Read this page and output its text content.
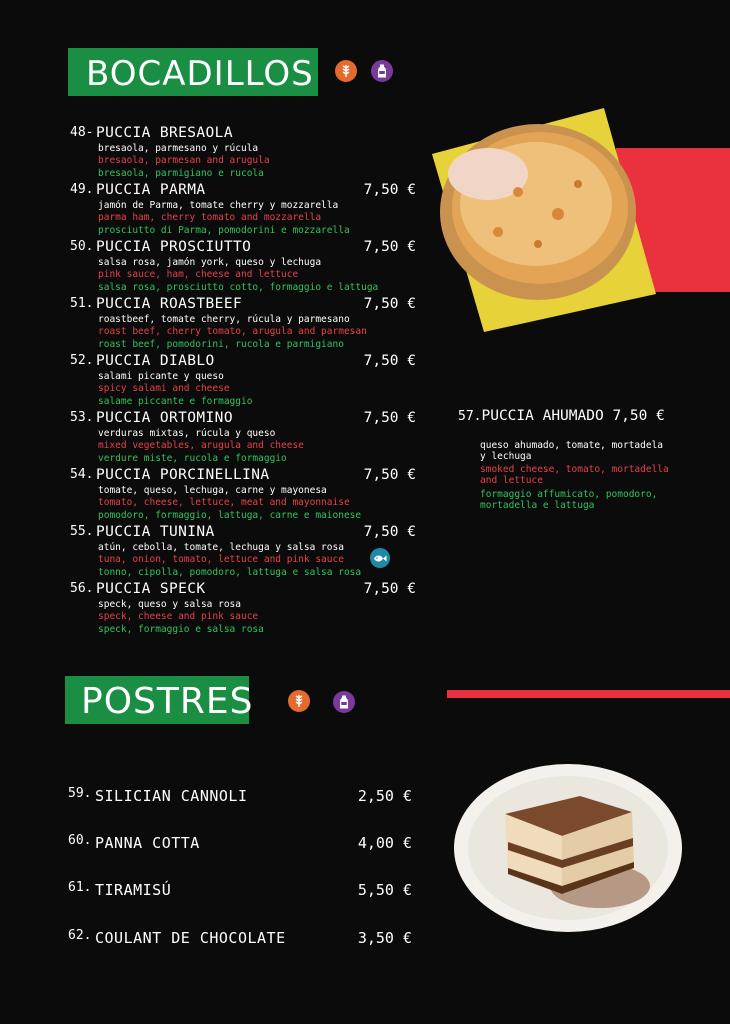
BOCADILLOS
48- PUCCIA BRESAOLA
bresaola, parmesano y rúcula
bresaola, parmesan and arugula
bresaola, parmigiano e rucola
49. PUCCIA PARMA	7,50 €
jamón de Parma, tomate cherry y mozzarella
parma ham, cherry tomato and mozzarella
prosciutto di Parma, pomodorini e mozzarella
50. PUCCIA PROSCIUTTO	7,50 €
salsa rosa, jamón york, queso y lechuga
pink sauce, ham, cheese and lettuce
salsa rosa, prosciutto cotto, formaggio e lattuga
51. PUCCIA ROASTBEEF	7,50 €
roastbeef, tomate cherry, rúcula y parmesano
roast beef, cherry tomato, arugula and parmesan
roast beef, pomodorini, rucola e parmigiano
52. PUCCIA DIABLO	7,50 €
salami picante y queso
spicy salami and cheese
salame piccante e formaggio
53. PUCCIA ORTOMINO	7,50 €
verduras mixtas, rúcula y queso
mixed vegetables, arugula and cheese
verdure miste, rucola e formaggio
54. PUCCIA PORCINELLINA	7,50 €
tomate, queso, lechuga, carne y mayonesa
tomato, cheese, lettuce, meat and mayonnaise
pomodoro, formaggio, lattuga, carne e maionese
55. PUCCIA TUNINA	7,50 €
atún, cebolla, tomate, lechuga y salsa rosa
tuna, onion, tomato, lettuce and pink sauce
tonno, cipolla, pomodoro, lattuga e salsa rosa
56. PUCCIA SPECK	7,50 €
speck, queso y salsa rosa
speck, cheese and pink sauce
speck, formaggio e salsa rosa
57.PUCCIA AHUMADO 7,50 €
queso ahumado, tomate, mortadela
y lechuga
smoked cheese, tomato, mortadella
and lettuce
formaggio affumicato, pomodoro,
mortadella e lattuga
POSTRES
59. SILICIAN CANNOLI	2,50 €
60. PANNA COTTA	4,00 €
61. TIRAMISÚ	5,50 €
62. COULANT DE CHOCOLATE	3,50 €
